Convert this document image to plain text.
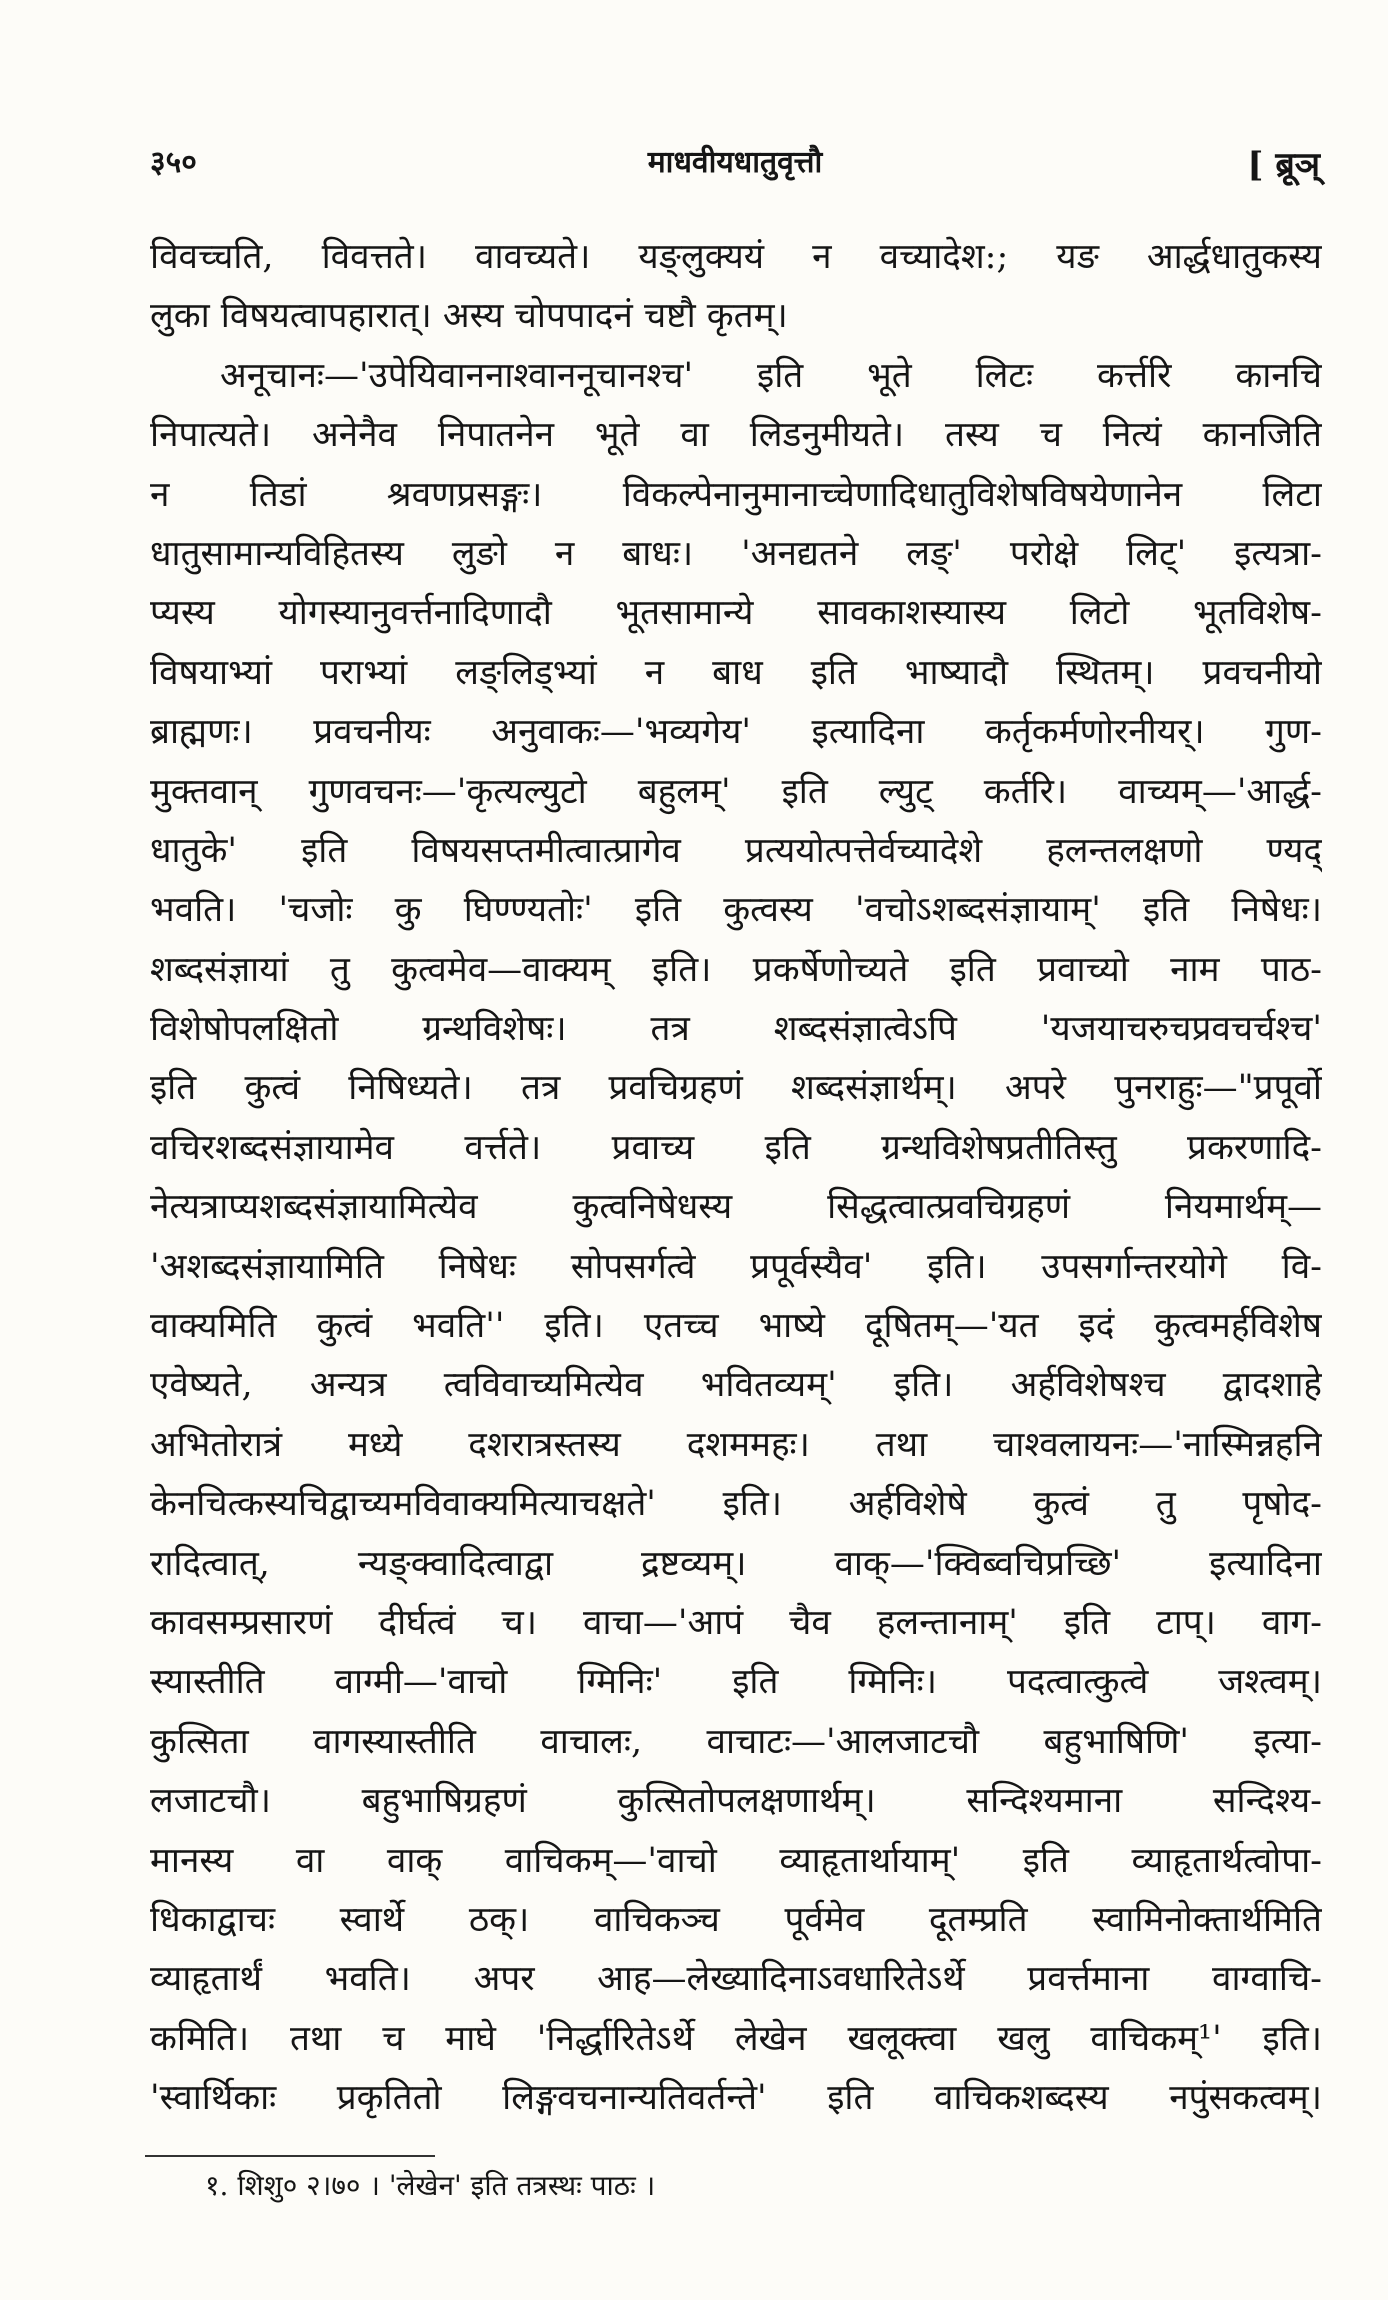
३५०	माधवीयधातुवृत्तौ	[ ब्रूञ्
विवच्चति, विवत्तते। वावच्यते। यङ्लुक्ययं न वच्यादेश:; यङ आर्द्धधातुकस्य
लुका विषयत्वापहारात्। अस्य चोपपादनं चष्टौ कृतम्।
अनूचानः—'उपेयिवाननाश्वाननूचानश्च' इति भूते लिटः कर्त्तरि कानचि
निपात्यते। अनेनैव निपातनेन भूते वा लिडनुमीयते। तस्य च नित्यं कानजिति
न तिडां श्रवणप्रसङ्गः। विकल्पेनानुमानाच्चेणादिधातुविशेषविषयेणानेन लिटा
धातुसामान्यविहितस्य लुङो न बाधः। 'अनद्यतने लङ्' परोक्षे लिट्' इत्यत्रा-
प्यस्य योगस्यानुवर्त्तनादिणादौ भूतसामान्ये सावकाशस्यास्य लिटो भूतविशेष-
विषयाभ्यां पराभ्यां लङ्लिड्भ्यां न बाध इति भाष्यादौ स्थितम्। प्रवचनीयो
ब्राह्मणः। प्रवचनीयः अनुवाकः—'भव्यगेय' इत्यादिना कर्तृकर्मणोरनीयर्। गुण-
मुक्तवान् गुणवचनः—'कृत्यल्युटो बहुलम्' इति ल्युट् कर्तरि। वाच्यम्—'आर्द्ध-
धातुके' इति विषयसप्तमीत्वात्प्रागेव प्रत्ययोत्पत्तेर्वच्यादेशे हलन्तलक्षणो ण्यद्
भवति। 'चजोः कु घिण्ण्यतोः' इति कुत्वस्य 'वचोऽशब्दसंज्ञायाम्' इति निषेधः।
शब्दसंज्ञायां तु कुत्वमेव—वाक्यम् इति। प्रकर्षेणोच्यते इति प्रवाच्यो नाम पाठ-
विशेषोपलक्षितो ग्रन्थविशेषः। तत्र शब्दसंज्ञात्वेऽपि 'यजयाचरुचप्रवचर्चश्च'
इति कुत्वं निषिध्यते। तत्र प्रवचिग्रहणं शब्दसंज्ञार्थम्। अपरे पुनराहुः—"प्रपूर्वो
वचिरशब्दसंज्ञायामेव वर्त्तते। प्रवाच्य इति ग्रन्थविशेषप्रतीतिस्तु प्रकरणादि-
नेत्यत्राप्यशब्दसंज्ञायामित्येव कुत्वनिषेधस्य सिद्धत्वात्प्रवचिग्रहणं नियमार्थम्—
'अशब्दसंज्ञायामिति निषेधः सोपसर्गत्वे प्रपूर्वस्यैव' इति। उपसर्गान्तरयोगे वि-
वाक्यमिति कुत्वं भवति'' इति। एतच्च भाष्ये दूषितम्—'यत इदं कुत्वमर्हविशेष
एवेष्यते, अन्यत्र त्वविवाच्यमित्येव भवितव्यम्' इति। अर्हविशेषश्च द्वादशाहे
अभितोरात्रं मध्ये दशरात्रस्तस्य दशममहः। तथा चाश्वलायनः—'नास्मिन्नहनि
केनचित्कस्यचिद्वाच्यमविवाक्यमित्याचक्षते' इति। अर्हविशेषे कुत्वं तु पृषोद-
रादित्वात्, न्यङ्क्वादित्वाद्वा द्रष्टव्यम्। वाक्—'क्विब्वचिप्रच्छि' इत्यादिना
कावसम्प्रसारणं दीर्घत्वं च। वाचा—'आपं चैव हलन्तानाम्' इति टाप्। वाग-
स्यास्तीति वाग्मी—'वाचो ग्मिनिः' इति ग्मिनिः। पदत्वात्कुत्वे जश्त्वम्।
कुत्सिता वागस्यास्तीति वाचालः, वाचाटः—'आलजाटचौ बहुभाषिणि' इत्या-
लजाटचौ। बहुभाषिग्रहणं कुत्सितोपलक्षणार्थम्। सन्दिश्यमाना सन्दिश्य-
मानस्य वा वाक् वाचिकम्—'वाचो व्याहृतार्थायाम्' इति व्याहृतार्थत्वोपा-
धिकाद्वाचः स्वार्थे ठक्। वाचिकञ्च पूर्वमेव दूतम्प्रति स्वामिनोक्तार्थमिति
व्याहृतार्थं भवति। अपर आह—लेख्यादिनाऽवधारितेऽर्थे प्रवर्त्तमाना वाग्वाचि-
कमिति। तथा च माघे 'निर्द्धारितेऽर्थे लेखेन खलूक्त्वा खलु वाचिकम्¹' इति।
'स्वार्थिकाः प्रकृतितो लिङ्गवचनान्यतिवर्तन्ते' इति वाचिकशब्दस्य नपुंसकत्वम्।
१. शिशु० २।७० । 'लेखेन' इति तत्रस्थः पाठः ।
